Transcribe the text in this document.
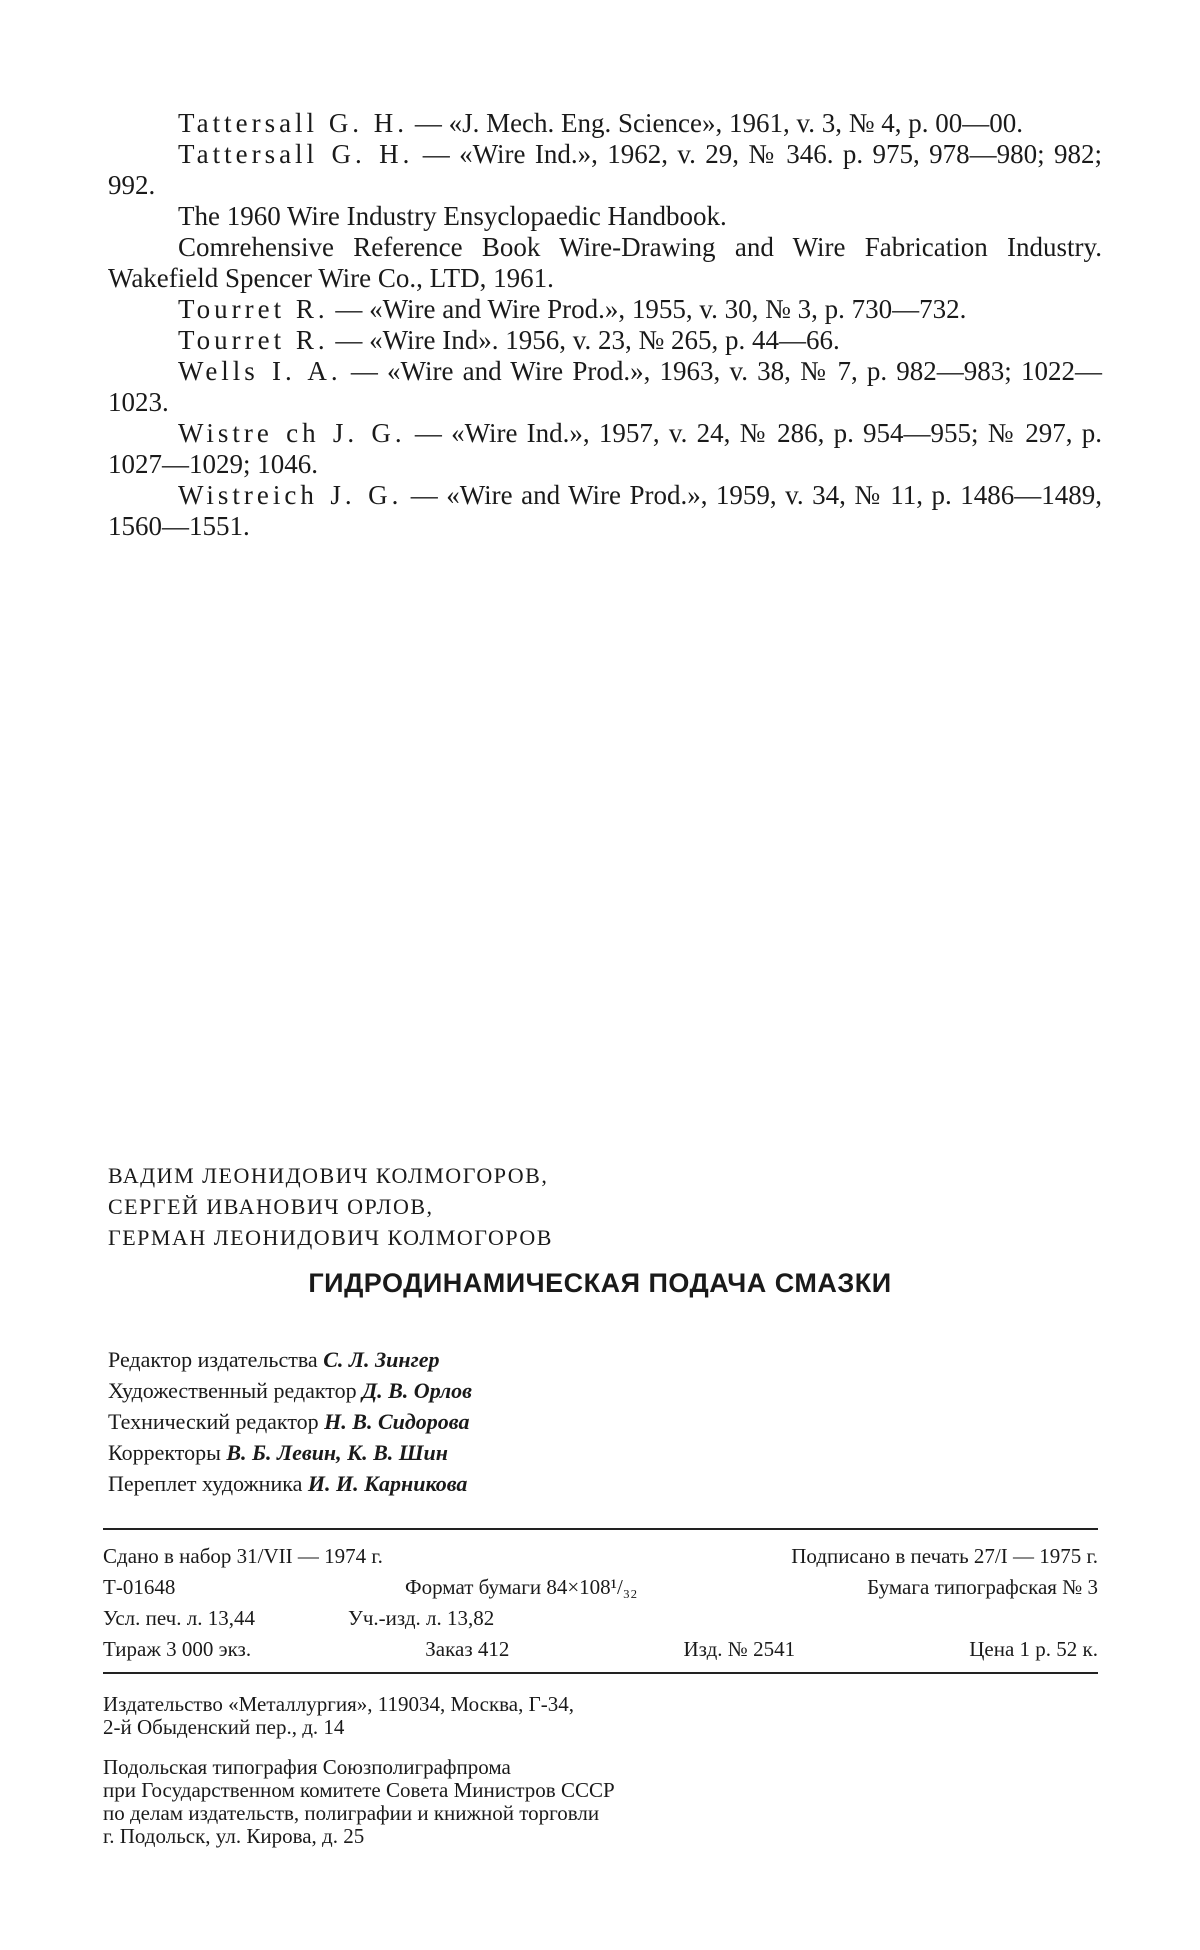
Tattersall G. H. — «J. Mech. Eng. Science», 1961, v. 3, № 4, p. 00—00.

Tattersall G. H. — «Wire Ind.», 1962, v. 29, № 346. p. 975, 978—980; 982; 992.

The 1960 Wire Industry Ensyclopaedic Handbook.

Comrehensive Reference Book Wire-Drawing and Wire Fabrication Industry. Wakefield Spencer Wire Co., LTD, 1961.

Tourret R. — «Wire and Wire Prod.», 1955, v. 30, № 3, p. 730—732.

Tourret R. — «Wire Ind». 1956, v. 23, № 265, p. 44—66.

Wells I. A. — «Wire and Wire Prod.», 1963, v. 38, № 7, p. 982—983; 1022—1023.

Wistre ch J. G. — «Wire Ind.», 1957, v. 24, № 286, p. 954—955; № 297, p. 1027—1029; 1046.

Wistreich J. G. — «Wire and Wire Prod.», 1959, v. 34, № 11, p. 1486—1489, 1560—1551.

ВАДИМ ЛЕОНИДОВИЧ КОЛМОГОРОВ,
СЕРГЕЙ ИВАНОВИЧ ОРЛОВ,
ГЕРМАН ЛЕОНИДОВИЧ КОЛМОГОРОВ
ГИДРОДИНАМИЧЕСКАЯ ПОДАЧА СМАЗКИ
Редактор издательства С. Л. Зингер
Художественный редактор Д. В. Орлов
Технический редактор Н. В. Сидорова
Корректоры В. Б. Левин, К. В. Шин
Переплет художника И. И. Карникова
Сдано в набор 31/VII — 1974 г.	Подписано в печать 27/I — 1975 г.
Т-01648	Формат бумаги 84×108¹/₃₂	Бумага типографская № 3
Усл. печ. л. 13,44	Уч.-изд. л. 13,82
Тираж 3 000 экз.	Заказ 412	Изд. № 2541	Цена 1 р. 52 к.
Издательство «Металлургия», 119034, Москва, Г-34,
2-й Обыденский пер., д. 14
Подольская типография Союзполиграфпрома
при Государственном комитете Совета Министров СССР
по делам издательств, полиграфии и книжной торговли
г. Подольск, ул. Кирова, д. 25
